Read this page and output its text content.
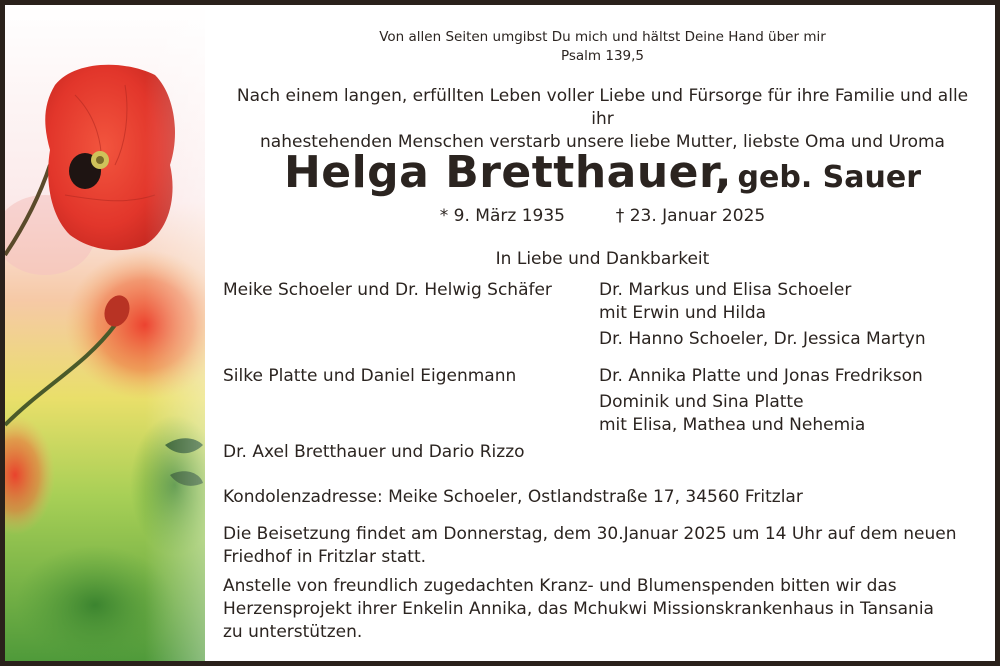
Von allen Seiten umgibst Du mich und hältst Deine Hand über mir
Psalm 139,5
Nach einem langen, erfüllten Leben voller Liebe und Fürsorge für ihre Familie und alle ihr
nahestehenden Menschen verstarb unsere liebe Mutter, liebste Oma und Uroma
Helga Bretthauer, geb. Sauer
* 9. März 1935	† 23. Januar 2025
In Liebe und Dankbarkeit
Meike Schoeler und Dr. Helwig Schäfer
Silke Platte und Daniel Eigenmann
Dr. Axel Bretthauer und Dario Rizzo
Dr. Markus und Elisa Schoeler
mit Erwin und Hilda
Dr. Hanno Schoeler, Dr. Jessica Martyn
Dr. Annika Platte und Jonas Fredrikson
Dominik und Sina Platte
mit Elisa, Mathea und Nehemia
Kondolenzadresse: Meike Schoeler, Ostlandstraße 17, 34560 Fritzlar
Die Beisetzung findet am Donnerstag, dem 30.Januar 2025 um 14 Uhr auf dem neuen
Friedhof in Fritzlar statt.
Anstelle von freundlich zugedachten Kranz- und Blumenspenden bitten wir das
Herzensprojekt ihrer Enkelin Annika, das Mchukwi Missionskrankenhaus in Tansania
zu unterstützen.
